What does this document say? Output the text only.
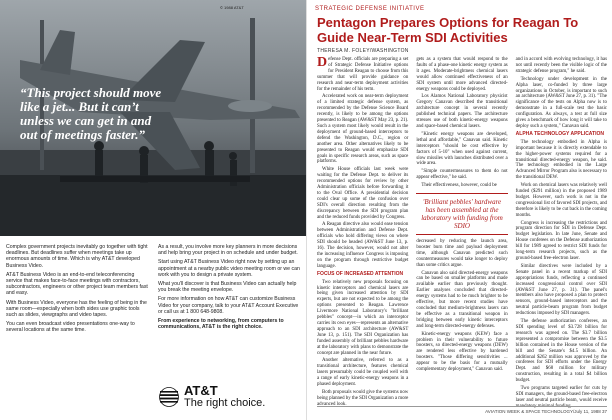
© 1988 AT&T
“This project should move like a jet... But it can’t unless we can get in and out of meetings faster.”

Complex government projects inevitably go together with tight deadlines. But deadlines suffer when meetings take up enormous amounts of time. Which is why AT&T developed Business Video.

AT&T Business Video is an end-to-end teleconferencing service that makes face-to-face meetings with contractors, subcontractors, engineers or other project team members fast and easy.

With Business Video, everyone has the feeling of being in the same room—especially when both sides use graphic tools such as slides, viewgraphs and video tapes.

You can even broadcast video presentations one-way to several locations at the same time.

As a result, you involve more key planners in more decisions and help bring your project in on schedule and under budget.

Start using AT&T Business Video right now by setting up an appointment at a nearby public video meeting room or we can work with you to design a private system.

What you'll discover is that Business Video can actually help you break the meeting envelope.

For more information on how AT&T can customize Business Video for your company, talk to your AT&T Account Executive or call us at 1 800 648-9808.

From experience to networking, from computers to communications, AT&T is the right choice.

AT&T
The right choice.
STRATEGIC DEFENSE INITIATIVE
Pentagon Prepares Options for Reagan To Guide Near-Term SDI Activities
THERESA M. FOLEY/WASHINGTON

Defense Dept. officials are preparing a set of Strategic Defense Initiative options for President Reagan to choose from this summer that will provide guidance on research and near-term deployment activities for the remainder of his term.

Accelerated work on near-term deployment of a limited strategic defense system, as recommended by the Defense Science Board recently, is likely to be among the options presented to Reagan (AW&ST May 23, p. 21). Such a system most likely would result in the deployment of ground-based interceptors to defend the Washington, D.C., region or another area. Other alternatives likely to be presented to Reagan would emphasize SDI goals in specific research areas, such as space platforms.

White House officials last week were waiting for the Defense Dept. to deliver its recommended options for review by other Administration officials before forwarding it to the Oval Office. A presidential decision could clear up some of the confusion over SDI's overall direction resulting from the discrepancy between the SDI program plan and the reduced funds provided by Congress.

A Reagan directive also would ease tension between Administration and Defense Dept. officials who hold differing views on where SDI should be headed (AW&ST June 13, p. 16). The decision, however, would not alter the increasing influence Congress is imposing on the program through restrictive budget language.

FOCUS OF INCREASED ATTENTION

Two relatively new proposals focusing on kinetic interceptors and chemical lasers are being given increased attention by SDI experts, but are not expected to be among the options presented to Reagan. Lawrence Livermore National Laboratory's "brilliant pebbles" concept—in which an interceptor carries its own eyes—represents an alternative approach to an SDI architecture (AW&ST June 13, p. 151). The SDI Organization has funded assembly of brilliant pebbles hardware at the laboratory with plans to demonstrate the concept are planned in the near future.

Another alternative, referred to as a transitional architecture, features chemical lasers presumably could be coupled well with a range of early kinetic-energy weapons in a phased deployment.

Both proposals would give the systems now being planned by the SDI Organization a more advanced look.

gets as a system that would respond to the faults of a phase-one kinetic energy system as it ages. Moderate-brightness chemical lasers would allow continued effectiveness of an SDI system until more advanced directed-energy weapons could be deployed.

Los Alamos National Laboratory physicist Gregory Canavan described the transitional architecture concept in several recently published technical papers. The architecture stresses use of both kinetic-energy weapons and space-based chemical lasers.

"Kinetic energy weapons are developed, lethal and affordable," Canavan said. Kinetic interceptors "should be cost effective by factors of 5-10" when used against current, slow missiles with launches distributed over a wide area.

"Simple countermeasures to them do not appear effective," he said.

Their effectiveness, however, could be

'Brilliant pebbles' hardware has been assembled at the laboratory with funding from SDIO

decreased by reducing the launch area, booster burn time and payload deployment time, although Canavan predicted such countermeasures would take longer to deploy than some critics argue.

Canavan also said directed-energy weapons can be based on smaller platforms and made available earlier than previously thought. Earlier analyses concluded that directed-energy systems had to be much brighter to be effective, but more recent studies have concluded that medium-brightness lasers can be effective as a transitional weapon in bridging between early kinetic interceptors and long-term directed-energy defenses.

Kinetic-energy weapons (KEW) face a problem in their vulnerability to future boosters, so directed-energy weapons (DEW) are rendered less effective by hardened boosters. "Those differing sensitivities ... appear to be the basis for a mutually complementary deployment," Canavan said.

and in accord with evolving technology, it has not until recently been the visible logic of the strategic defense program," he said.

Technology under development in the Alpha laser, co-funded by three large organizations in October, is important to such an architecture (AW&ST June 27, p. 31). "The significance of the tests on Alpha now is to demonstrate in a full-scale test the basic configuration. As always, a test at full size gives a benchmark of how long it will take to deploy such a system," Canavan said.

ALPHA TECHNOLOGY APPLICATION

The technology embodied in Alpha is important because it is directly extendable to the higher-power systems required for a transitional directed-energy weapon, he said. The technology embodied in the Large Advanced Mirror Program also is necessary to the transitional DEW.

Work on chemical lasers was relatively well funded ($291 million) in the proposed 1989 budget. However, such work is not in the congressional list of favored SDI projects, and therefore is likely to be cut back in the coming months.

Congress is increasing the restrictions and program direction for SDI in Defense Dept. budget legislation. In late June, Senate and House conferees on the Defense authorization bill for 1989 agreed to restrict SDI funds for long-term research projects, such as the ground-based free-electron laser.

Similar directives were included by a Senate panel in a recent markup of SDI appropriations funds, reflecting a continued increased congressional control over SDI (AW&ST June 27, p. 31). The panel's members also have proposed a plan to protect sensors, ground-based interceptors and the neutral particle-beam program from budget reductions imposed by SDI managers.

The defense authorization conferees, an SDI spending level of $3.728 billion for research was agreed on. The $3.7 billion represented a compromise between the $3.5 billion contained in the House version of the bill and the Senate's $4.5 billion. An additional $262 million was approved by the conferees for SDI efforts under the Energy Dept. and $68 million for military construction, resulting in a total $4 billion budget.

Two programs targeted earlier for cuts by SDI managers, the ground-based free-electron laser and neutral particle beam, would receive mandatory minimal funding

AVIATION WEEK & SPACE TECHNOLOGY/July 11, 1988 37
